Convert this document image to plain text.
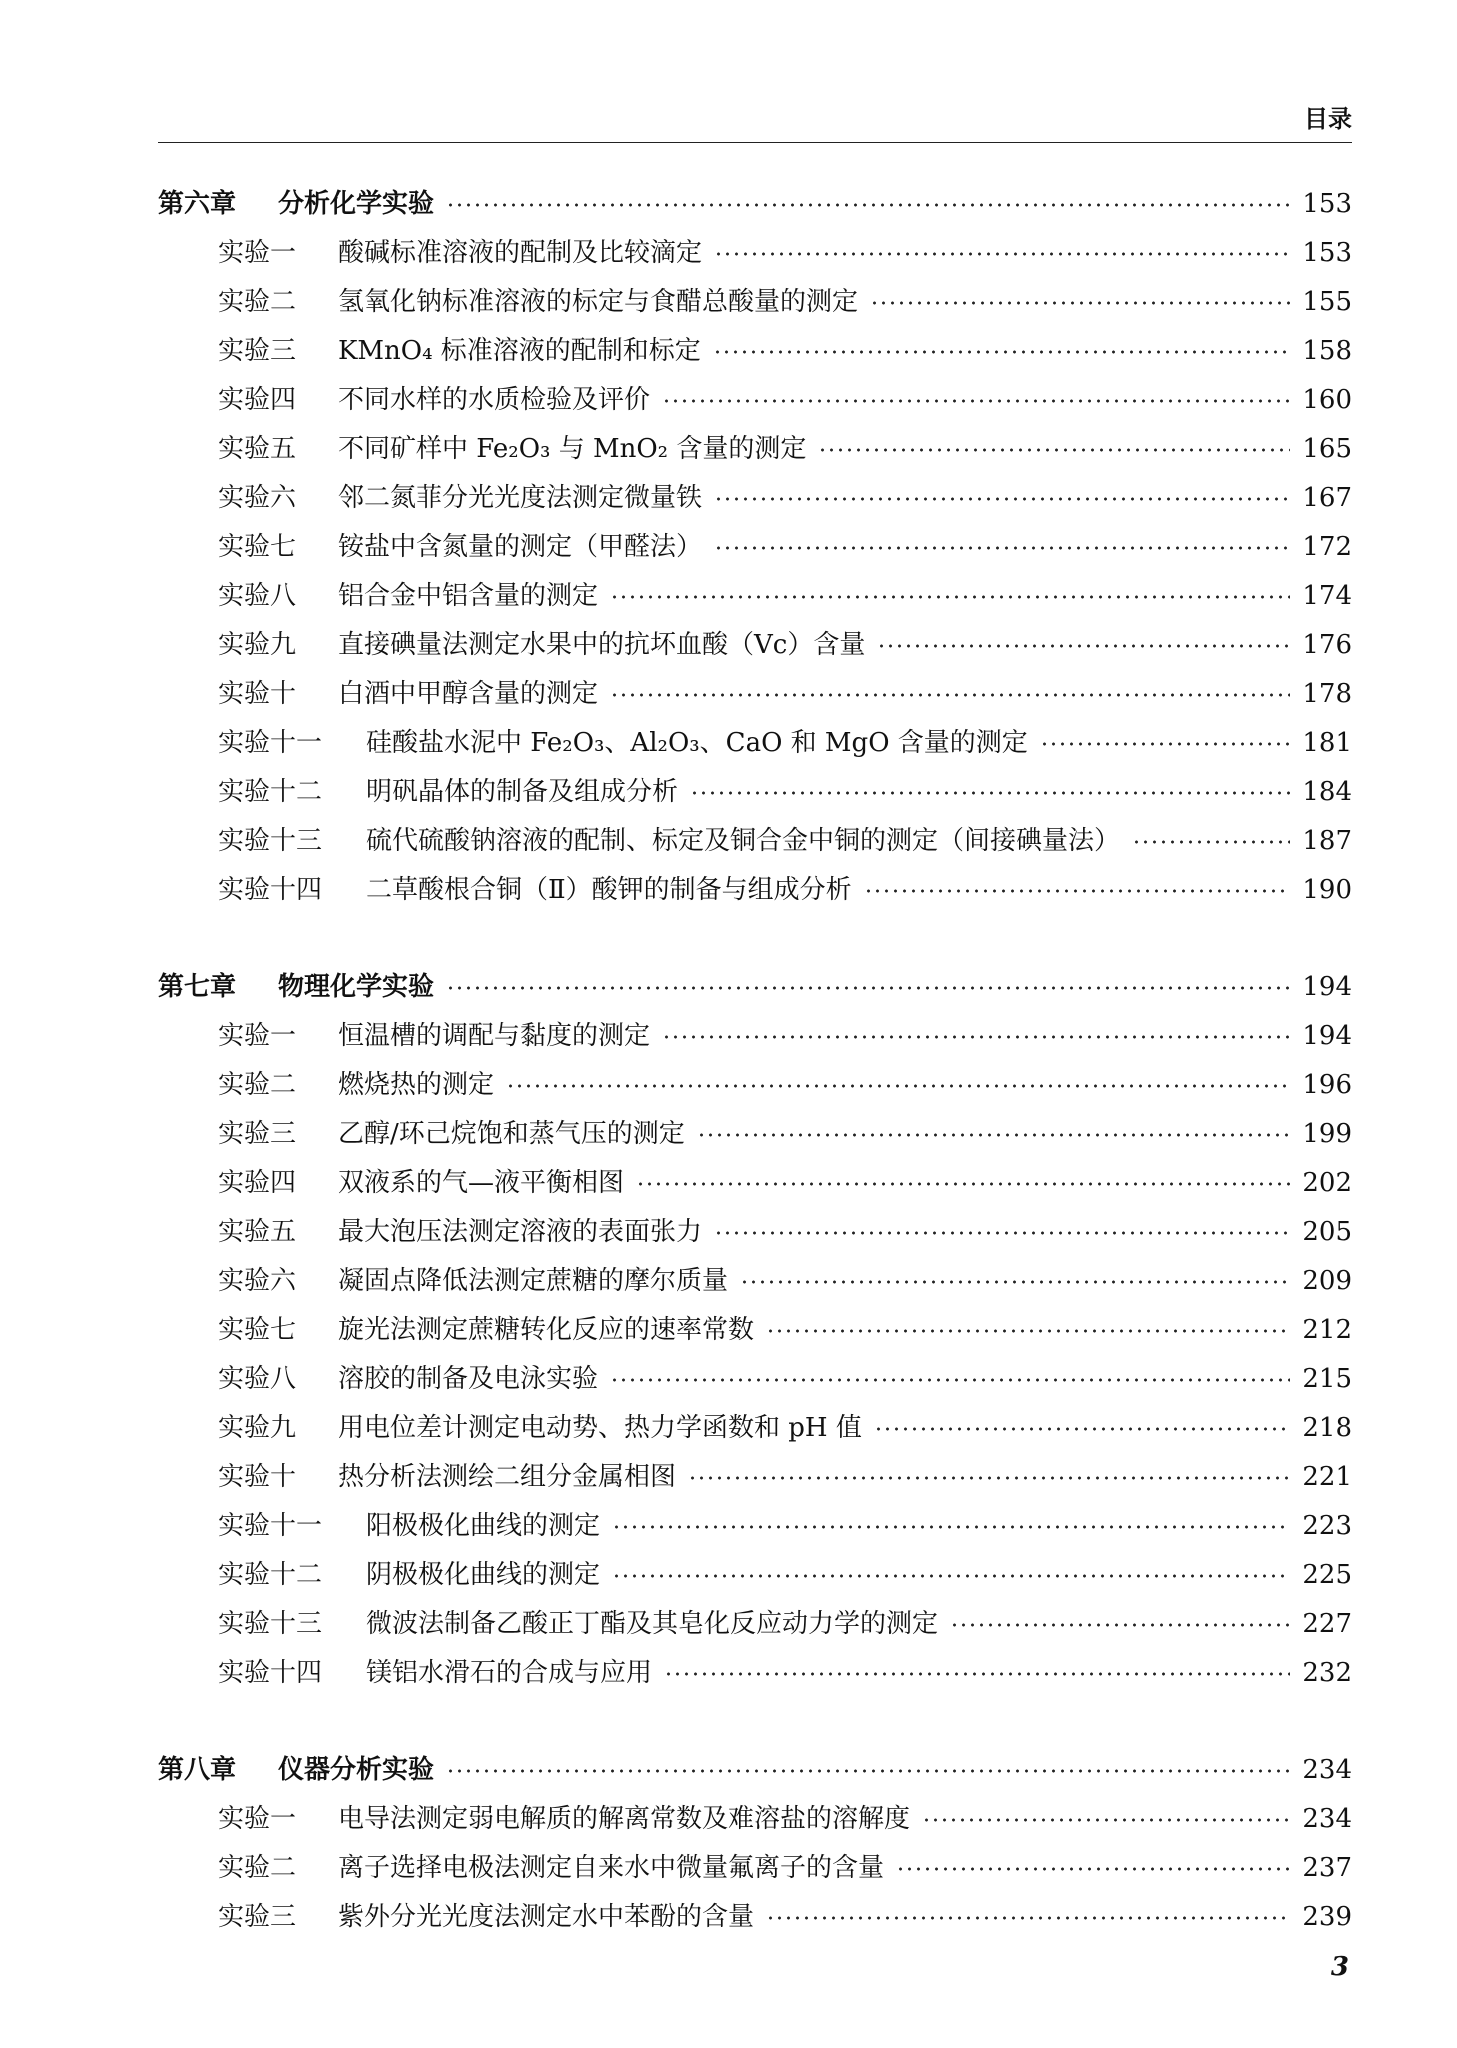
目录
第六章	分析化学实验	153
实验一	酸碱标准溶液的配制及比较滴定	153
实验二	氢氧化钠标准溶液的标定与食醋总酸量的测定	155
实验三	KMnO₄ 标准溶液的配制和标定	158
实验四	不同水样的水质检验及评价	160
实验五	不同矿样中 Fe₂O₃ 与 MnO₂ 含量的测定	165
实验六	邻二氮菲分光光度法测定微量铁	167
实验七	铵盐中含氮量的测定（甲醛法）	172
实验八	铝合金中铝含量的测定	174
实验九	直接碘量法测定水果中的抗坏血酸（Vc）含量	176
实验十	白酒中甲醇含量的测定	178
实验十一	硅酸盐水泥中 Fe₂O₃、Al₂O₃、CaO 和 MgO 含量的测定	181
实验十二	明矾晶体的制备及组成分析	184
实验十三	硫代硫酸钠溶液的配制、标定及铜合金中铜的测定（间接碘量法）	187
实验十四	二草酸根合铜（Ⅱ）酸钾的制备与组成分析	190
第七章	物理化学实验	194
实验一	恒温槽的调配与黏度的测定	194
实验二	燃烧热的测定	196
实验三	乙醇/环己烷饱和蒸气压的测定	199
实验四	双液系的气—液平衡相图	202
实验五	最大泡压法测定溶液的表面张力	205
实验六	凝固点降低法测定蔗糖的摩尔质量	209
实验七	旋光法测定蔗糖转化反应的速率常数	212
实验八	溶胶的制备及电泳实验	215
实验九	用电位差计测定电动势、热力学函数和 pH 值	218
实验十	热分析法测绘二组分金属相图	221
实验十一	阳极极化曲线的测定	223
实验十二	阴极极化曲线的测定	225
实验十三	微波法制备乙酸正丁酯及其皂化反应动力学的测定	227
实验十四	镁铝水滑石的合成与应用	232
第八章	仪器分析实验	234
实验一	电导法测定弱电解质的解离常数及难溶盐的溶解度	234
实验二	离子选择电极法测定自来水中微量氟离子的含量	237
实验三	紫外分光光度法测定水中苯酚的含量	239
3
